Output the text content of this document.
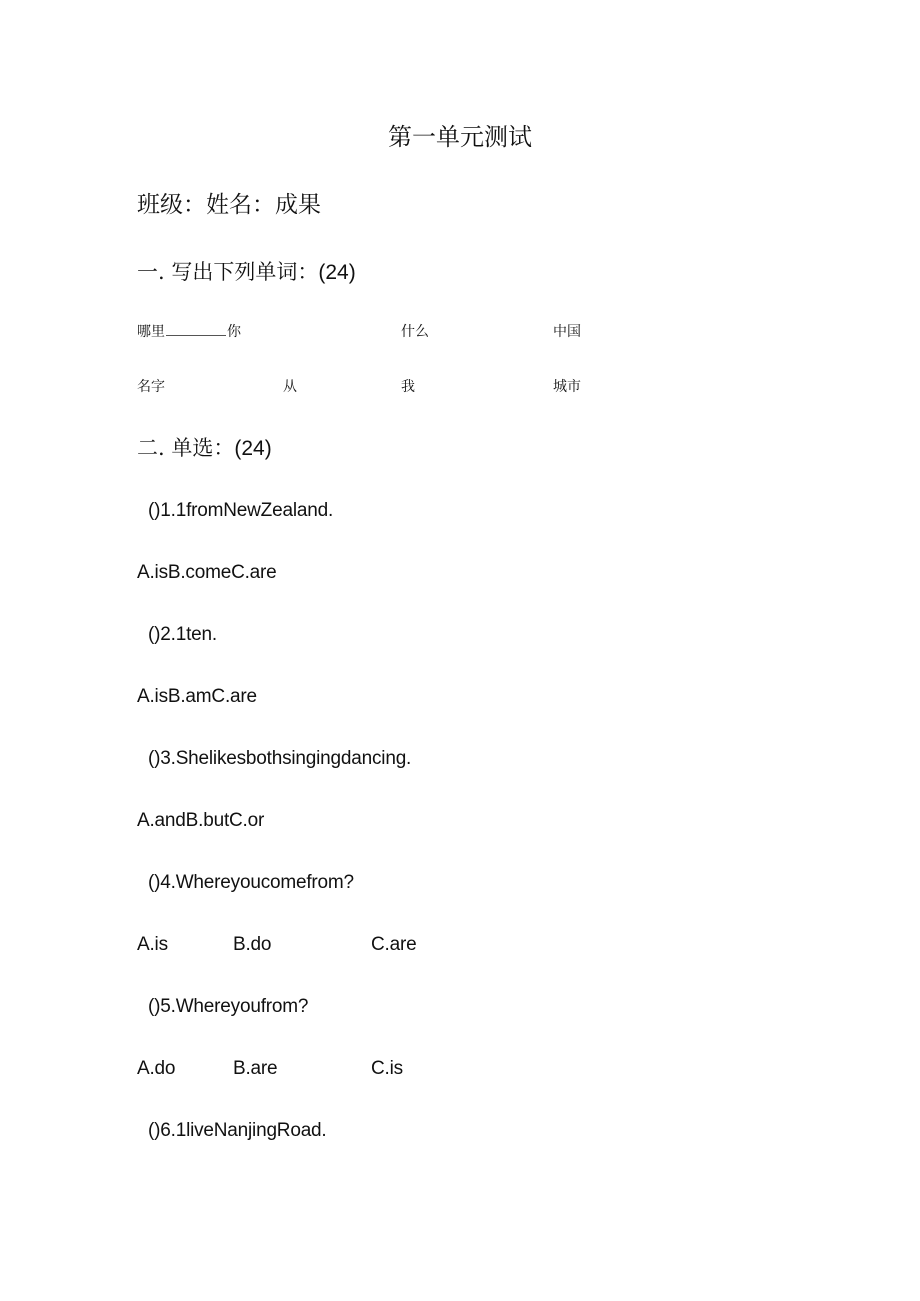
第一单元测试
班级：姓名：成果
一. 写出下列单词：(24)
哪里	你	什么	中国
名字	从	我	城市
二. 单选：(24)
()1.1fromNewZealand.
A.isB.comeC.are
()2.1ten.
A.isB.amC.are
()3.Shelikesbothsingingdancing.
A.andB.butC.or
()4.Whereyoucomefrom?
A.is	B.do	C.are
()5.Whereyoufrom?
A.do	B.are	C.is
()6.1liveNanjingRoad.
